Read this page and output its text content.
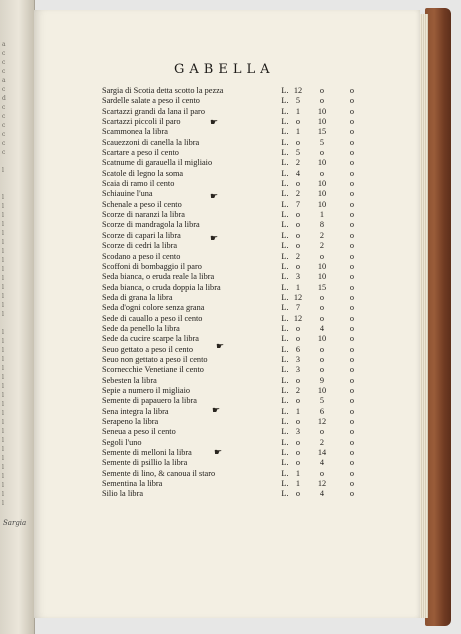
a
c
c
c
a
c
d
c
c
c
c
c
c

l

l
l
l
l
l
l
l
l
l
l
l
l
l
l

l
l
l
l
l
l
l
l
l
l
l
l
l
l
l
l
l
l
l
l
Sargia
GABELLA
Sargia di Scotia detta scotto la pezza	L. 12	o	o
Sardelle salate a peso il cento	L. 5	o	o
Scartazzi grandi da lana il paro	L. 1	10	o
Scartazzi piccoli il paro	L. o	10	o
Scammonea la libra	L. 1	15	o
Scauezzoni di canella la libra	L. o	5	o
Scartare a peso il cento	L. 5	o	o
Scatnume di garauella il migliaio	L. 2	10	o
Scatole di legno la soma	L. 4	o	o
Scaia di ramo il cento	L. o	10	o
Schiauine l'una	L. 2	10	o
Schenale a peso il cento	L. 7	10	o
Scorze di naranzi la libra	L. o	1	o
Scorze di mandragola la libra	L. o	8	o
Scorze di capari la libra	L. o	2	o
Scorze di cedri la libra	L. o	2	o
Scodano a peso il cento	L. 2	o	o
Scoffoni di bombaggio il paro	L. o	10	o
Seda bianca, o eruda reale la libra	L. 3	10	o
Seda bianca, o cruda doppia la libra	L. 1	15	o
Seda di grana la libra	L. 12	o	o
Seda d'ogni colore senza grana	L. 7	o	o
Sede di cauallo a peso il cento	L. 12	o	o
Sede da penello la libra	L. o	4	o
Sede da cucire scarpe la libra	L. o	10	o
Seuo gettato a peso il cento	L. 6	o	o
Seuo non gettato a peso il cento	L. 3	o	o
Scornecchie Venetiane il cento	L. 3	o	o
Sebesten la libra	L. o	9	o
Sepie a numero il migliaio	L. 2	10	o
Semente di papauero la libra	L. o	5	o
Sena integra la libra	L. 1	6	o
Serapeno la libra	L. o	12	o
Seneua a peso il cento	L. 3	o	o
Segoli l'uno	L. o	2	o
Semente di melloni la libra	L. o	14	o
Semente di psillio la libra	L. o	4	o
Semente di lino, & canoua il staro	L. 1	o	o
Sementina la libra	L. 1	12	o
Silio la libra	L. o	4	o
☛
☛
☛
☛
☛
☛
